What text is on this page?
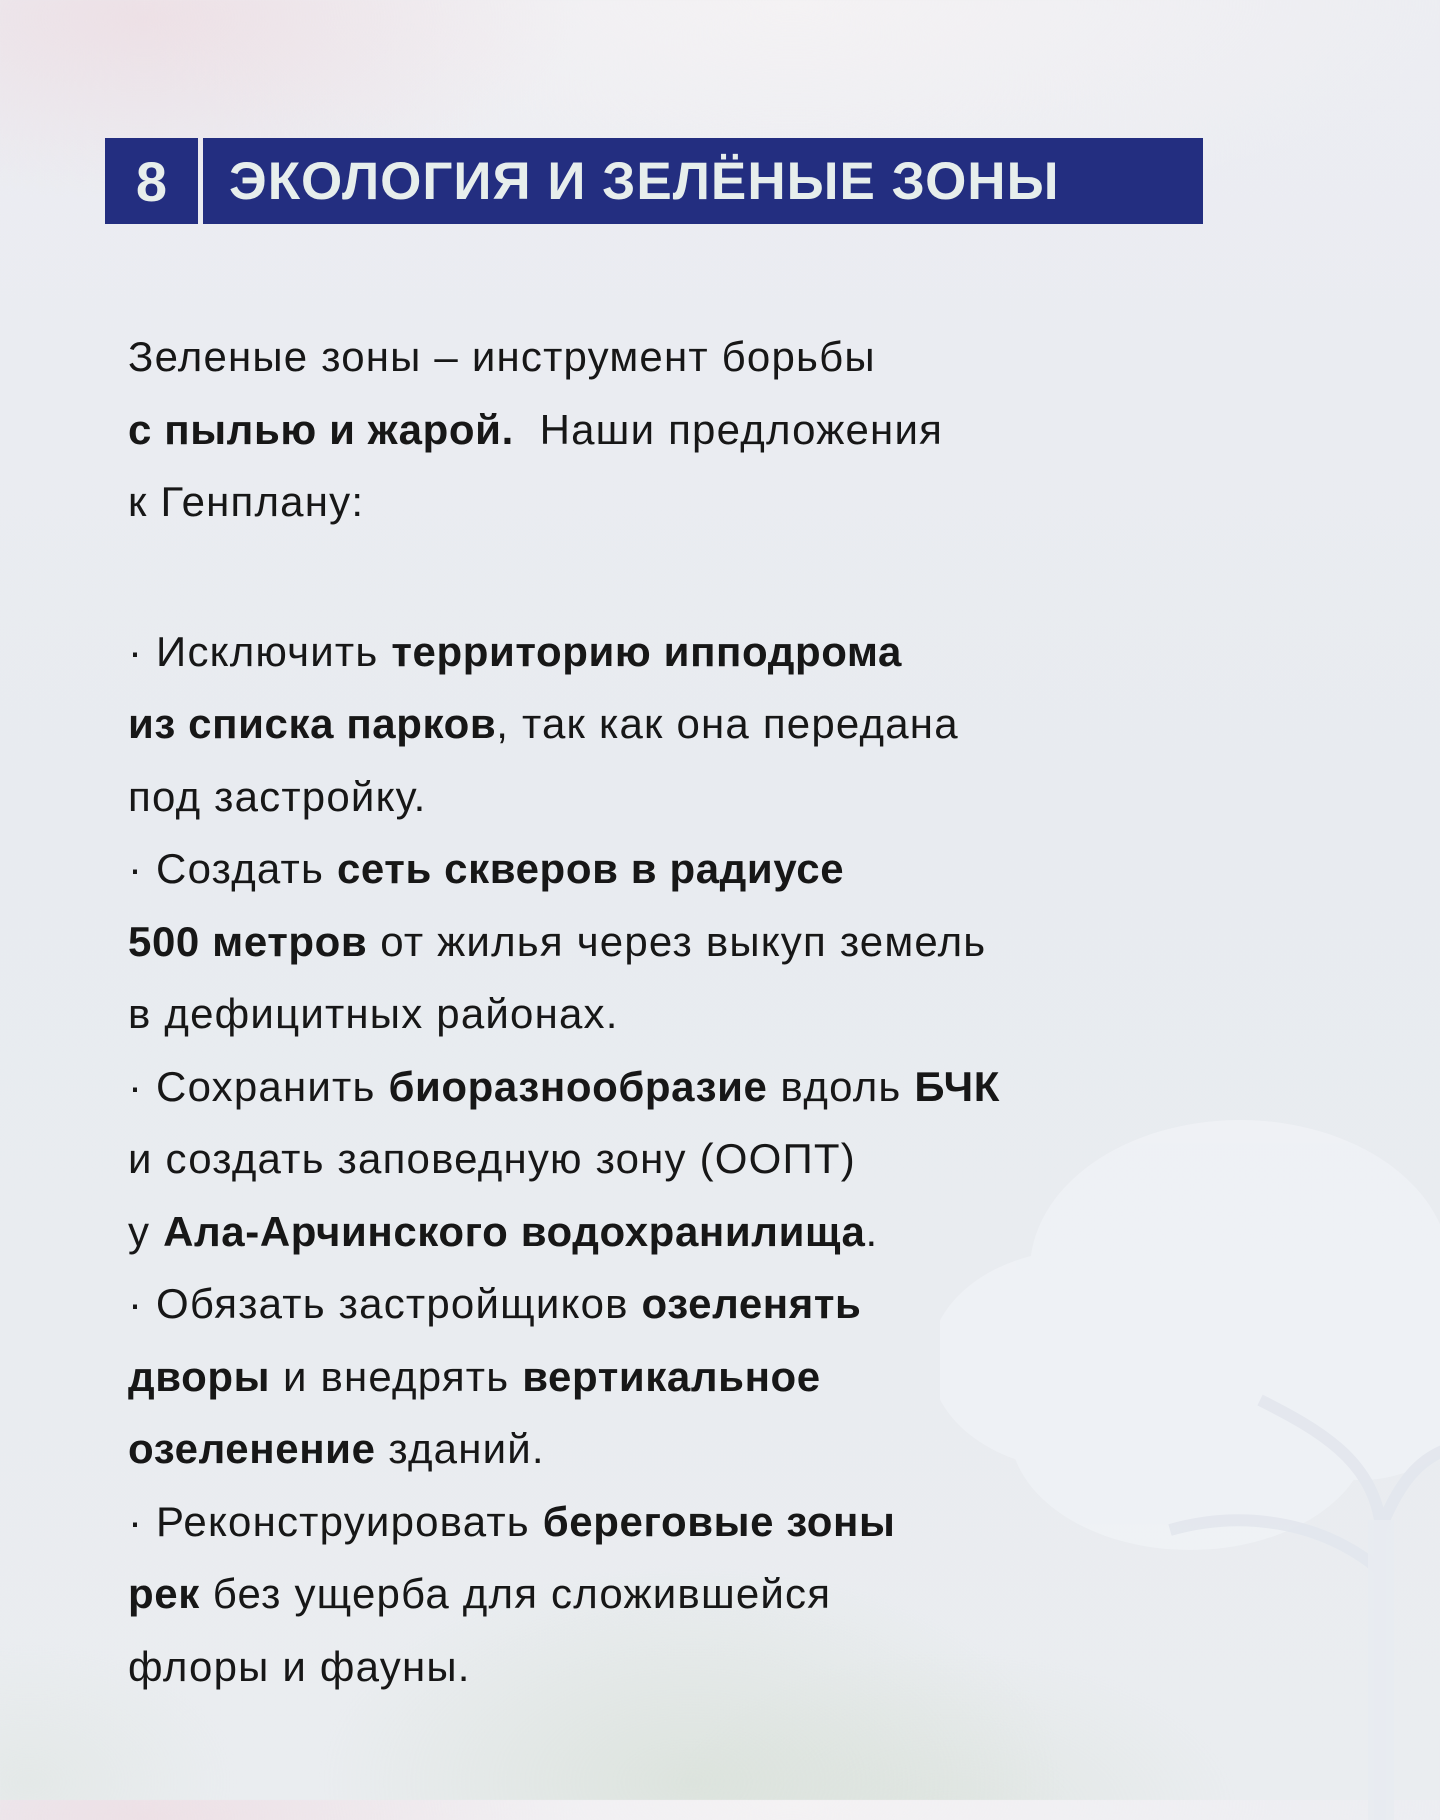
8 ЭКОЛОГИЯ И ЗЕЛЁНЫЕ ЗОНЫ
Зеленые зоны – инструмент борьбы
с пылью и жарой.  Наши предложения
к Генплану:
· Исключить территорию ипподрома
из списка парков, так как она передана
под застройку.
· Создать сеть скверов в радиусе
500 метров от жилья через выкуп земель
в дефицитных районах.
· Сохранить биоразнообразие вдоль БЧК
и создать заповедную зону (ООПТ)
у Ала-Арчинского водохранилища.
· Обязать застройщиков озеленять
дворы и внедрять вертикальное
озеленение зданий.
· Реконструировать береговые зоны
рек без ущерба для сложившейся
флоры и фауны.
